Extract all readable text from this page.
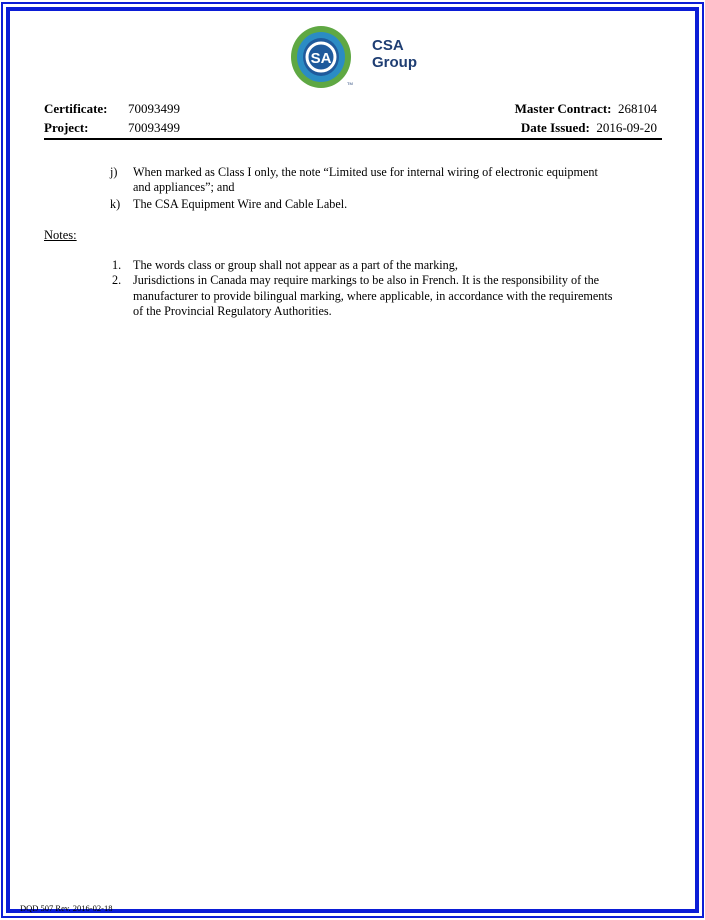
SA
TM
CSA
Group
Certificate: 70093499
Project:	70093499
Master Contract: 268104
Date Issued: 2016-09-20
j) When marked as Class I only, the note “Limited use for internal wiring of electronic equipment
and appliances”; and
k) The CSA Equipment Wire and Cable Label.
Notes:
1. The words class or group shall not appear as a part of the marking,
2. Jurisdictions in Canada may require markings to be also in French. It is the responsibility of the
manufacturer to provide bilingual marking, where applicable, in accordance with the requirements
of the Provincial Regulatory Authorities.
DQD 507 Rev. 2016-02-18
